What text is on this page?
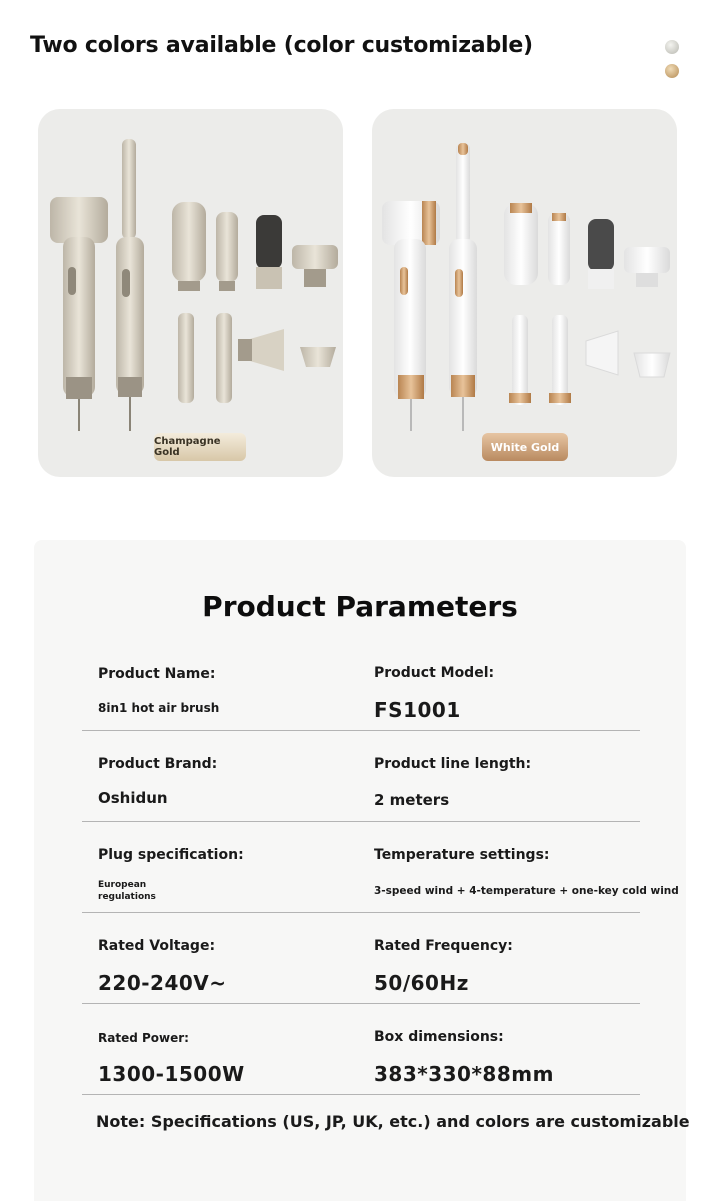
Two colors available (color customizable)
Champagne Gold	White Gold
Product Parameters
Product Name:
8in1 hot air brush
Product Model:
FS1001
Product Brand:
Oshidun
Product line length:
2 meters
Plug specification:
European regulations
Temperature settings:
3-speed wind + 4-temperature + one-key cold wind
Rated Voltage:
220-240V~
Rated Frequency:
50/60Hz
Rated Power:
1300-1500W
Box dimensions:
383*330*88mm
Note: Specifications (US, JP, UK, etc.) and colors are customizable
